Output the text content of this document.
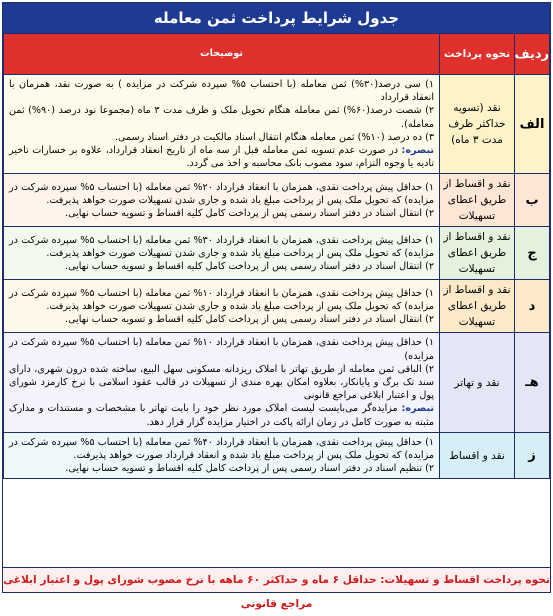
جدول شرایط پرداخت ثمن معامله
ردیف	نحوه پرداخت	توضیحات
الف	نقد (تسویه حداکثر ظرف مدت ۳ ماه)	۱) سی درصد(۳۰%) ثمن معامله (با احتساب ۵% سپرده شرکت در مزایده ) به صورت نقد، همزمان با انعقاد قرارداد
۲) شصت درصد(۶۰%) ثمن معامله هنگام تحویل ملک و ظرف مدت ۳ ماه (مجموعا نود درصد (۹۰%) ثمن معامله).
۳) ده درصد (۱۰%) ثمن معامله هنگام انتقال اسناد مالکیت در دفتر اسناد رسمی.
تبصره: در صورت عدم تسویه ثمن معامله قبل از سه ماه از تاریخ انعقاد قرارداد، علاوه بر خسارات تاخیر تادیه یا وجوه التزام، سود مصوب بانک محاسبه و اخذ می گردد.

ب	نقد و اقساط از طریق اعطای تسهیلات	۱) حداقل پیش پرداخت نقدی، همزمان با انعقاد قرارداد ۲۰% ثمن معامله (با احتساب ۵% سپرده شرکت در مزایده) که تحویل ملک پس از پرداخت مبلغ یاد شده و جاری شدن تسهیلات صورت خواهد پذیرفت.
۲) انتقال اسناد در دفتر اسناد رسمی پس از پرداخت کامل کلیه اقساط و تسویه حساب نهایی.

ج	نقد و اقساط از طریق اعطای تسهیلات	۱) حداقل پیش پرداخت نقدی، همزمان با انعقاد قرارداد ۳۰% ثمن معامله (با احتساب ۵% سپرده شرکت در مزایده) که تحویل ملک پس از پرداخت مبلغ یاد شده و جاری شدن تسهیلات صورت خواهد پذیرفت.
۲) انتقال اسناد در دفتر اسناد رسمی پس از پرداخت کامل کلیه اقساط و تسویه حساب نهایی.

د	نقد و اقساط از طریق اعطای تسهیلات	۱) حداقل پیش پرداخت نقدی، همزمان با انعقاد قرارداد ۱۰% ثمن معامله (با احتساب ۵% سپرده شرکت در مزایده) که تحویل ملک پس از پرداخت مبلغ یاد شده و جاری شدن تسهیلات صورت خواهد پذیرفت.
۲) انتقال اسناد در دفتر اسناد رسمی پس از پرداخت کامل کلیه اقساط و تسویه حساب نهایی.

هـ	نقد و تهاتر	۱) حداقل پیش پرداخت نقدی، همزمان با انعقاد قرارداد ۱۰% ثمن معامله (با احتساب ۵% سپرده شرکت در مزایده)
۲) الباقی ثمن معامله از طریق تهاتر با املاک ریزدانه مسکونی سهل البیع، ساخته شده درون شهری، دارای سند تک برگ و پایانکار، بعلاوه امکان بهره مندی از تسهیلات در قالب عقود اسلامی با نرخ کارمزد شورای پول و اعتبار ابلاغی مراجع قانونی
تبصره: مزایده‌گر می‌بایست لیست املاک مورد نظر خود را بابت تهاتر با مشخصات و مستندات و مدارک مثبته به صورت کامل در زمان ارائه پاکت در اختیار مزایده گزار قرار دهد.

ز	نقد و اقساط	۱) حداقل پیش پرداخت نقدی، همزمان با انعقاد قرارداد ۴۰% ثمن معامله (با احتساب ۵% سپرده شرکت در مزایده) که تحویل ملک پس از پرداخت مبلغ یاد شده و انعقاد قرارداد صورت خواهد پذیرفت.
۲) تنظیم اسناد در دفتر اسناد رسمی پس از پرداخت کامل کلیه اقساط و تسویه حساب نهایی.
نحوه پرداخت اقساط و تسهیلات: حداقل ۶ ماه و حداکثر ۶۰ ماهه با نرخ مصوب شورای پول و اعتبار ابلاغی مراجع قانونی
